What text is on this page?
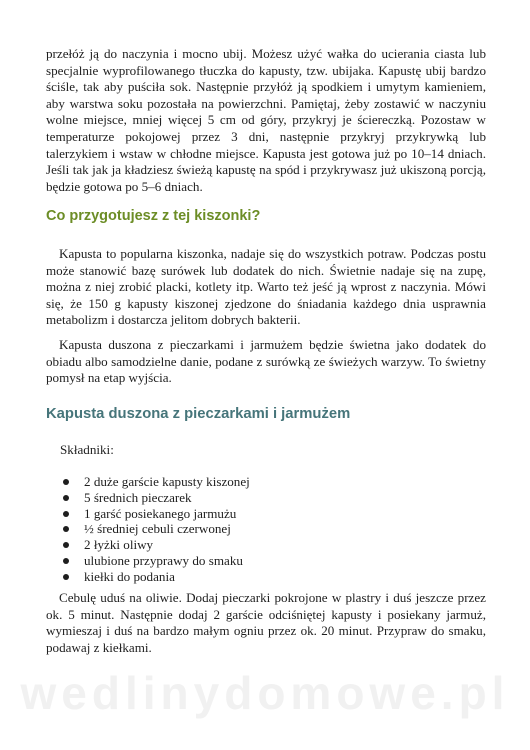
przełóż ją do naczynia i mocno ubij. Możesz użyć wałka do ucierania ciasta lub specjalnie wyprofilowanego tłuczka do kapusty, tzw. ubijaka. Kapustę ubij bardzo ściśle, tak aby puściła sok. Następnie przyłóż ją spodkiem i umytym kamieniem, aby warstwa soku pozostała na powierzchni. Pamiętaj, żeby zostawić w naczyniu wolne miejsce, mniej więcej 5 cm od góry, przykryj je ściereczką. Pozostaw w temperaturze pokojowej przez 3 dni, następnie przykryj przykrywką lub talerzykiem i wstaw w chłodne miejsce. Kapusta jest gotowa już po 10–14 dniach. Jeśli tak jak ja kładziesz świeżą kapustę na spód i przykrywasz już ukiszoną porcją, będzie gotowa po 5–6 dniach.

Co przygotujesz z tej kiszonki?

Kapusta to popularna kiszonka, nadaje się do wszystkich potraw. Podczas postu może stanowić bazę surówek lub dodatek do nich. Świetnie nadaje się na zupę, można z niej zrobić placki, kotlety itp. Warto też jeść ją wprost z naczynia. Mówi się, że 150 g kapusty kiszonej zjedzone do śniadania każdego dnia usprawnia metabolizm i dostarcza jelitom dobrych bakterii.

Kapusta duszona z pieczarkami i jarmużem będzie świetna jako dodatek do obiadu albo samodzielne danie, podane z surówką ze świeżych warzyw. To świetny pomysł na etap wyjścia.

Kapusta duszona z pieczarkami i jarmużem

Składniki:

2 duże garście kapusty kiszonej
5 średnich pieczarek
1 garść posiekanego jarmużu
½ średniej cebuli czerwonej
2 łyżki oliwy
ulubione przyprawy do smaku
kiełki do podania

Cebulę uduś na oliwie. Dodaj pieczarki pokrojone w plastry i duś jeszcze przez ok. 5 minut. Następnie dodaj 2 garście odciśniętej kapusty i posiekany jarmuż, wymieszaj i duś na bardzo małym ogniu przez ok. 20 minut. Przypraw do smaku, podawaj z kiełkami.

wedlinydomowe.pl
